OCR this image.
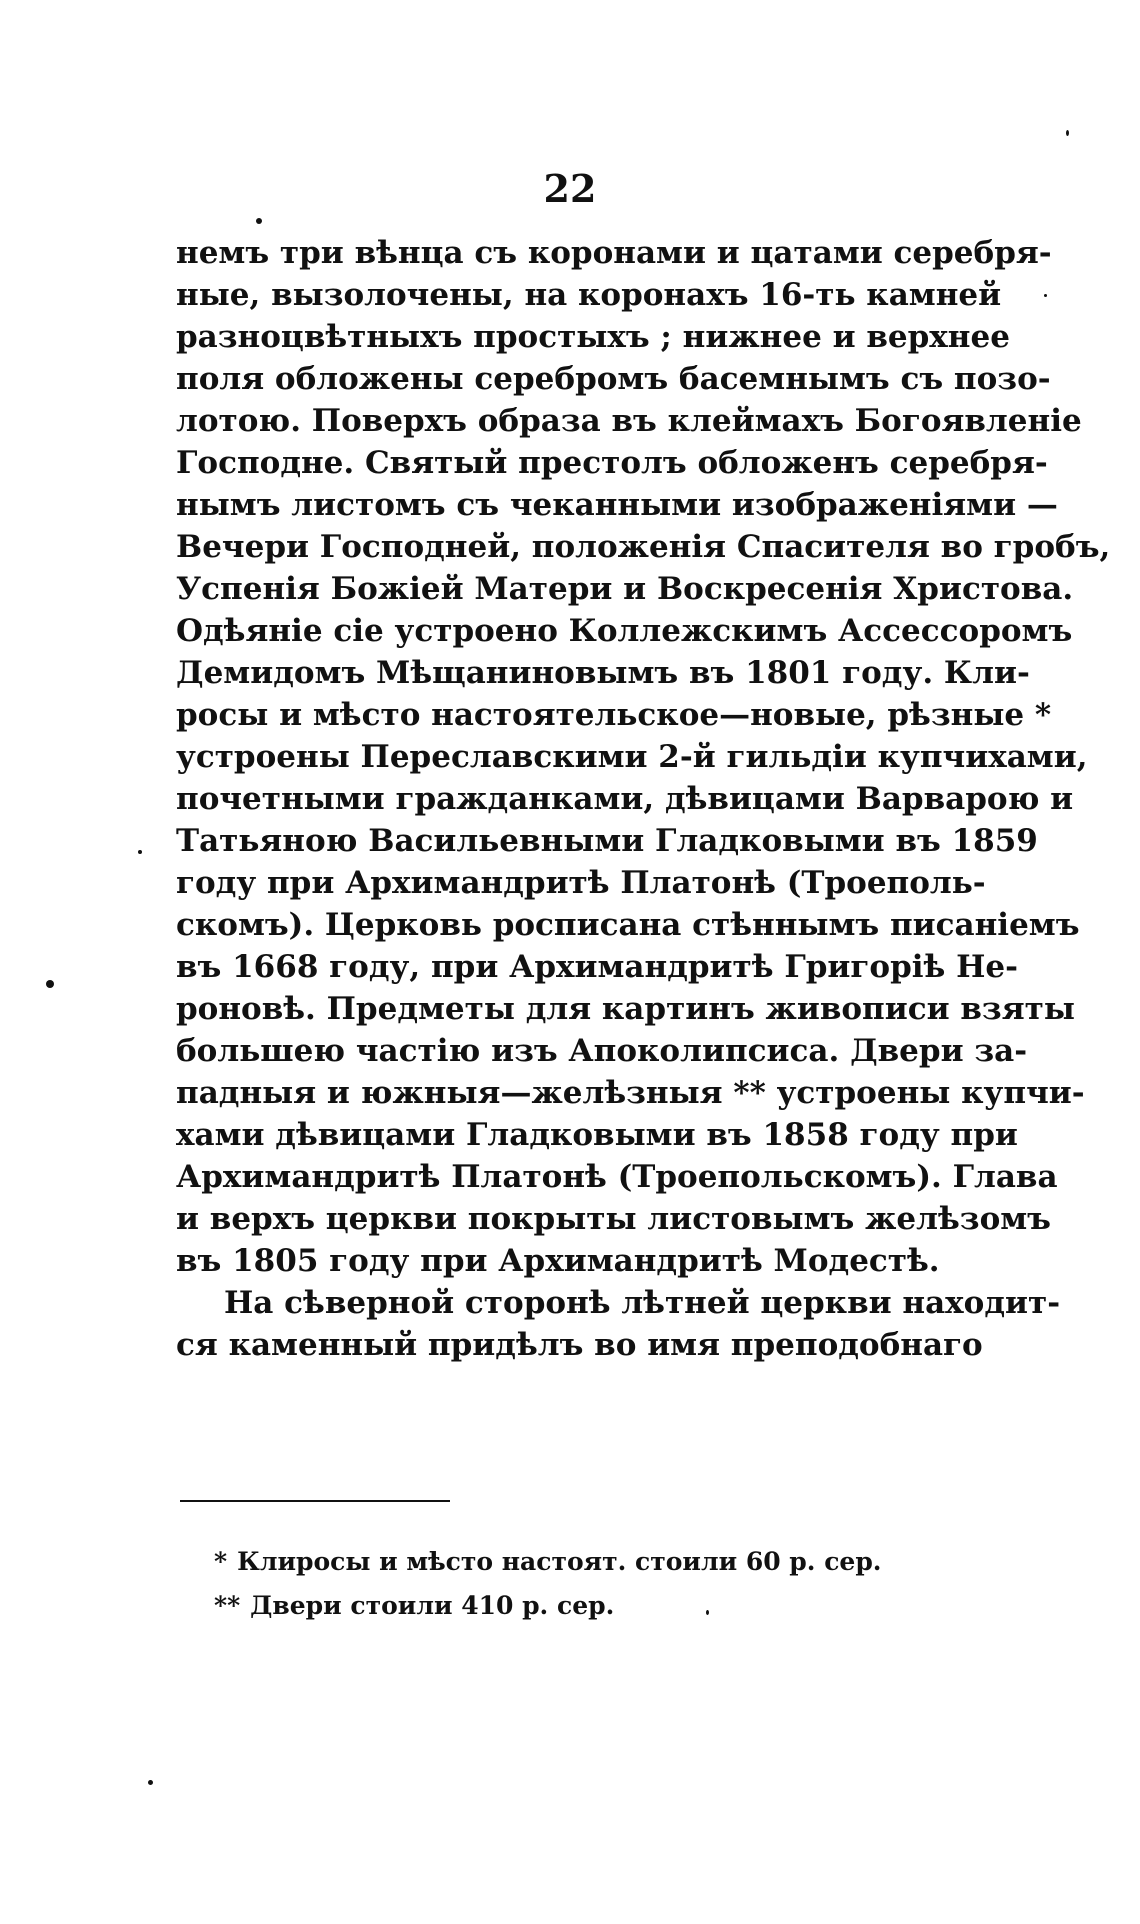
22
немъ три вѣнца съ коронами и цатами серебря-
ные, вызолочены, на коронахъ 16-ть камней
разноцвѣтныхъ простыхъ ; нижнее и верхнее
поля обложены серебромъ басемнымъ съ позо-
лотою. Поверхъ образа въ клеймахъ Богоявленіе
Господне. Святый престолъ обложенъ серебря-
нымъ листомъ съ чеканными изображеніями —
Вечери Господней, положенія Спасителя во гробъ,
Успенія Божіей Матери и Воскресенія Христова.
Одѣяніе сіе устроено Коллежскимъ Ассессоромъ
Демидомъ Мѣщаниновымъ въ 1801 году. Кли-
росы и мѣсто настоятельское—новые, рѣзные *
устроены Переславскими 2-й гильдіи купчихами,
почетными гражданками, дѣвицами Варварою и
Татьяною Васильевными Гладковыми въ 1859
году при Архимандритѣ Платонѣ (Троеполь-
скомъ). Церковь росписана стѣннымъ писаніемъ
въ 1668 году, при Архимандритѣ Григоріѣ Не-
роновѣ. Предметы для картинъ живописи взяты
большею частію изъ Апоколипсиса. Двери за-
падныя и южныя—желѣзныя ** устроены купчи-
хами дѣвицами Гладковыми въ 1858 году при
Архимандритѣ Платонѣ (Троепольскомъ). Глава
и верхъ церкви покрыты листовымъ желѣзомъ
въ 1805 году при Архимандритѣ Модестѣ.
На сѣверной сторонѣ лѣтней церкви находит-
ся каменный придѣлъ во имя преподобнаго
* Клиросы и мѣсто настоят. стоили 60 р. сер.
** Двери стоили 410 р. сер.
